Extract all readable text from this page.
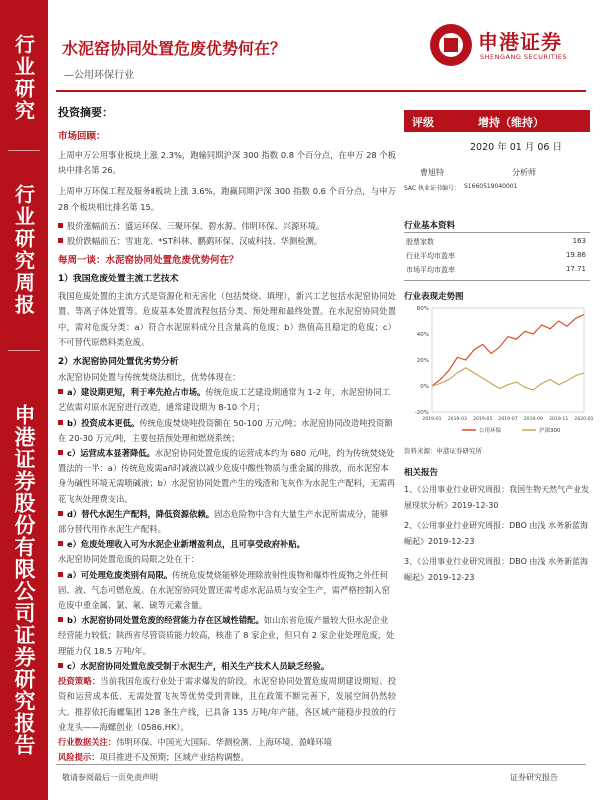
行业研究
行业研究周报
申港证券股份有限公司证券研究报告
水泥窑协同处置危废优势何在？
—公用环保行业
申港证券
SHENGANG SECURITIES
投资摘要：
市场回顾：
上周申万公用事业板块上涨 2.3%，跑输同期沪深 300 指数 0.8 个百分点，在申万 28 个板块中排名第 26。
上周申万环保工程及服务Ⅱ板块上涨 3.6%，跑赢同期沪深 300 指数 0.6 个百分点，与申万 28 个板块相比排名第 15。
股价涨幅前五：盛运环保、三聚环保、碧水源、伟明环保、兴源环境。
股价跌幅前五：雪迪龙、*ST科林、鹏鹞环保、汉威科技、华测检测。
每周一谈：水泥窑协同处置危废优势何在？
1）我国危废处置主流工艺技术
我国危废处置的主流方式是资源化和无害化（包括焚烧、填埋），新兴工艺包括水泥窑协同处置、等离子体处置等。危废基本处置流程包括分类、预处理和最终处置。在水泥窑协同处置中，需对危废分类：a）符合水泥原料成分且含量高的危废；b）热值高且稳定的危废；c）不可替代原燃料类危废。
2）水泥窑协同处置优劣势分析
水泥窑协同处置与传统焚烧法相比，优势体现在：
a）建设期更短，利于率先抢占市场。传统危废工艺建设期通常为 1-2 年，水泥窑协同工艺依需对原水泥窑进行改造，通常建设期为 8-10 个月；
b）投资成本更低。传统危废焚烧吨投资额在 50-100 万元/吨；水泥窑协同改造吨投资额在 20-30 万元/吨，主要包括预处理和燃烧系统；
c）运营成本显著降低。水泥窑协同处置危废的运营成本约为 680 元/吨，约为传统焚烧处置法的一半：a）传统危废需añ时减液以减少危废中酸性物质与重金属的排放，而水泥窑本身为碱性环境无需喷碱液；b）水泥窑协同处置产生的残渣和飞灰作为水泥生产配料，无需再花飞灰处理费支出。
d）替代水泥生产配料，降低资源依赖。固态危险物中含有大量生产水泥所需成分，能够部分替代用作水泥生产配料。
e）危废处理收入可为水泥企业新增盈利点，且可享受政府补贴。
水泥窑协同处置危废的局限之处在于：
a）可处理危废类别有局限。传统危废焚烧能够处理除放射性废物和爆炸性废物之外任何固、液、气态可燃危废。在水泥窑协同处置还需考虑水泥品质与安全生产，需严格控制入窑危废中重金属、氯、氟、硫等元素含量。
b）水泥窑协同处置危废的经营能力存在区域性错配。如山东省危废产量较大但水泥企业经营能力较低；陕西省尽管资质能力较高，核准了 8 家企业，但只有 2 家企业处理危废，处理能力仅 18.5 万吨/年。
c）水泥窑协同处置危废受制于水泥生产，相关生产技术人员缺乏经验。
投资策略：当前我国危废行业处于需求爆发的阶段。水泥窑协同处置危废周期建设期短、投资和运营成本低、无需处置飞灰等优势受到青睐，且在政策不断完善下，发展空间仍然较大。推荐依托海螺集团 128 条生产线，已具备 135 万吨/年产能，各区域产能稳步投放的行业龙头——海螺创业（0586.HK）。
行业数据关注：伟明环保、中国光大国际、华测检测、上海环境、盈峰环境
风险提示：项目推进不及预期；区域产业结构调整。
评级	增持（维持）
2020 年 01 月 06 日
曹旭特	分析师
SAC 执业证书编号： S1660519040001
行业基本资料
股票家数	163
行业平均市盈率	19.86
市场平均市盈率	17.71
行业表现走势图
60%
40%
20%
0%
-20%
2019-01 2019-03 2019-05 2019-07 2019-09 2019-11 2020-01
公用环保	沪深300
资料来源：申港证券研究所
相关报告
1、《公用事业行业研究周报：我国生物天然气产业发展现状分析》2019-12-30
2、《公用事业行业研究周报：DBO 由浅 水务新蓝海崛起》2019-12-23
3、《公用事业行业研究周报：DBO 由浅 水务新蓝海崛起》2019-12-23
敬请参阅最后一页免责声明	证券研究报告
